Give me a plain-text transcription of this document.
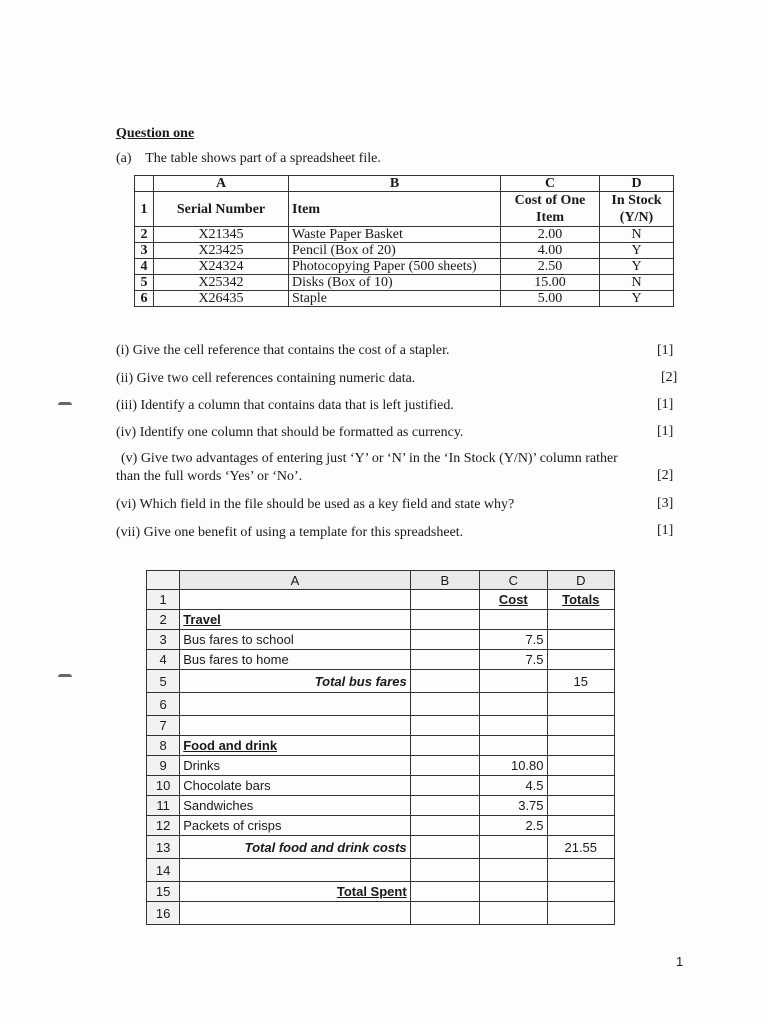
Question one
(a) The table shows part of a spreadsheet file.
	A	B	C	D
1	Serial Number	Item	Cost of One Item	In Stock (Y/N)
2	X21345	Waste Paper Basket	2.00	N
3	X23425	Pencil (Box of 20)	4.00	Y
4	X24324	Photocopying Paper (500 sheets)	2.50	Y
5	X25342	Disks (Box of 10)	15.00	N
6	X26435	Staple	5.00	Y
(i) Give the cell reference that contains the cost of a stapler.	[1]
(ii) Give two cell references containing numeric data.	[2]
(iii) Identify a column that contains data that is left justified.	[1]
(iv) Identify one column that should be formatted as currency.	[1]
(v) Give two advantages of entering just ‘Y’ or ‘N’ in the ‘In Stock (Y/N)’ column rather
than the full words ‘Yes’ or ‘No’.	[2]
(vi) Which field in the file should be used as a key field and state why?	[3]
(vii) Give one benefit of using a template for this spreadsheet.	[1]
	A	B	C	D
1			Cost	Totals
2	Travel			
3	Bus fares to school		7.5	
4	Bus fares to home		7.5	
5	Total bus fares			15
6				
7				
8	Food and drink			
9	Drinks		10.80	
10	Chocolate bars		4.5	
11	Sandwiches		3.75	
12	Packets of crisps		2.5	
13	Total food and drink costs			21.55
14				
15	Total Spent			
16				
1
